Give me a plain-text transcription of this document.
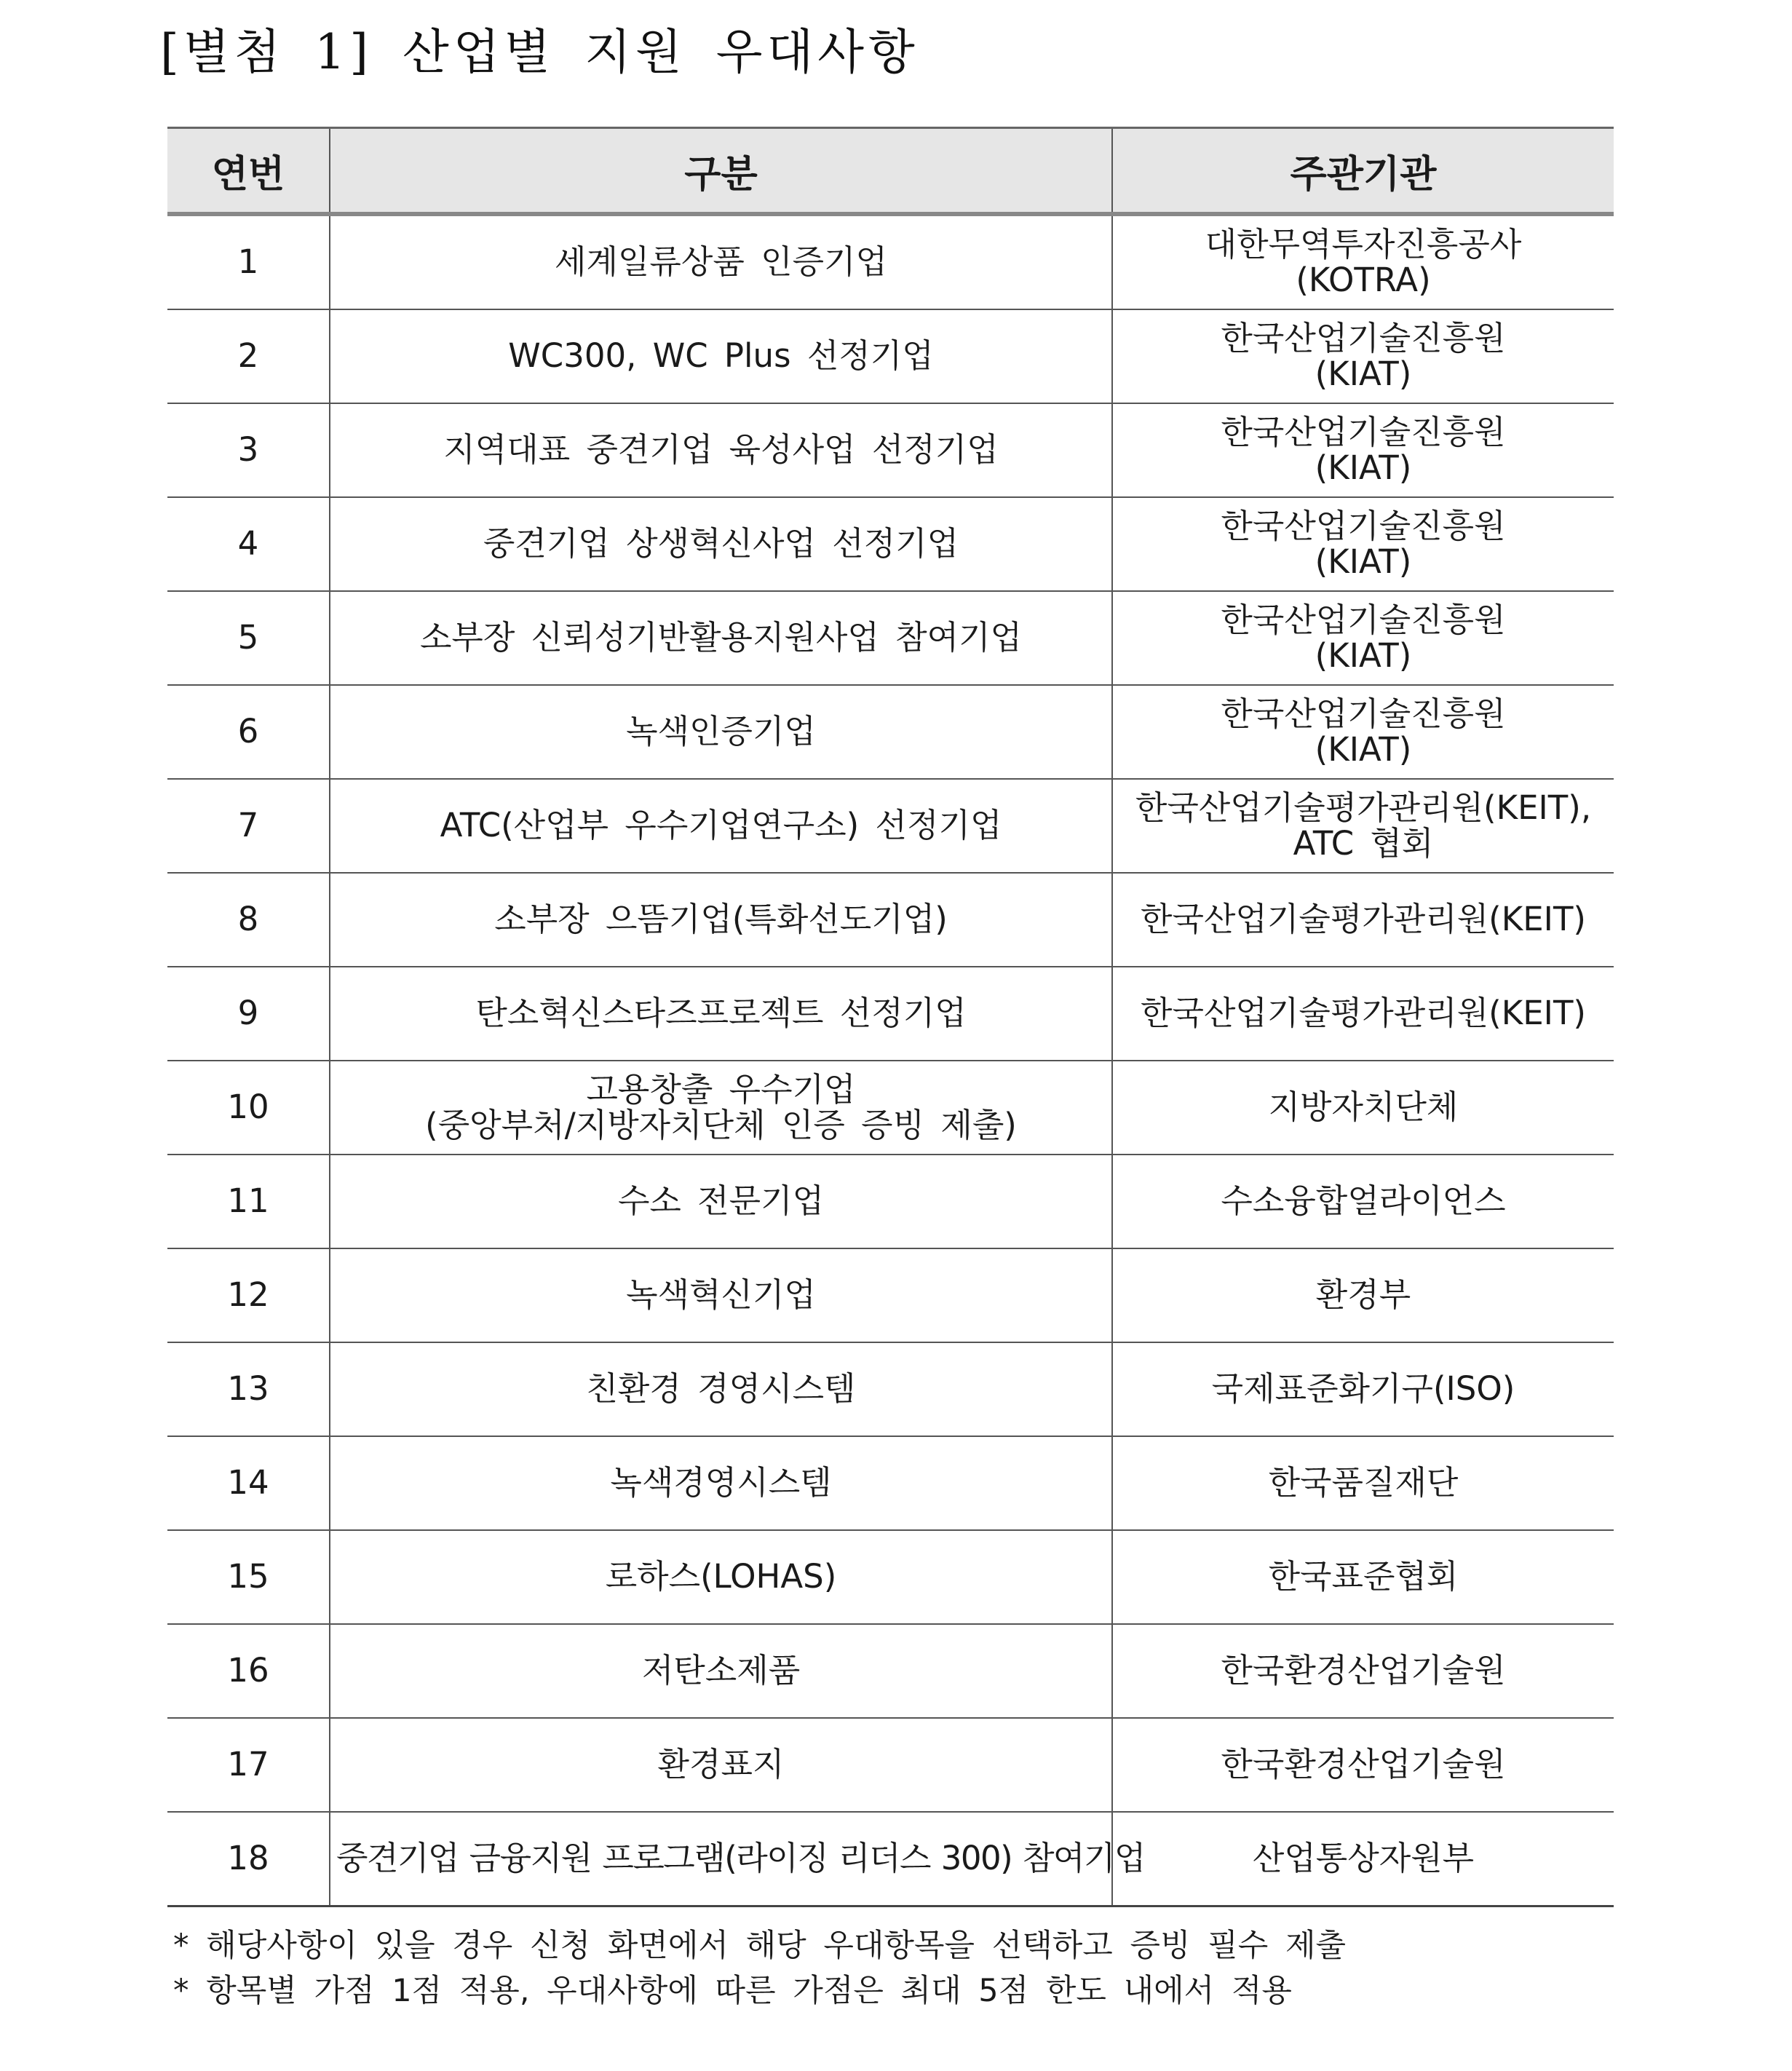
[별첨 1] 산업별 지원 우대사항
연번	구분	주관기관
1	세계일류상품 인증기업	대한무역투자진흥공사
(KOTRA)

2	WC300, WC Plus 선정기업	한국산업기술진흥원
(KIAT)

3	지역대표 중견기업 육성사업 선정기업	한국산업기술진흥원
(KIAT)

4	중견기업 상생혁신사업 선정기업	한국산업기술진흥원
(KIAT)

5	소부장 신뢰성기반활용지원사업 참여기업	한국산업기술진흥원
(KIAT)

6	녹색인증기업	한국산업기술진흥원
(KIAT)

7	ATC(산업부 우수기업연구소) 선정기업	한국산업기술평가관리원(KEIT),
ATC 협회

8	소부장 으뜸기업(특화선도기업)	한국산업기술평가관리원(KEIT)

9	탄소혁신스타즈프로젝트 선정기업	한국산업기술평가관리원(KEIT)

10	고용창출 우수기업
(중앙부처/지방자치단체 인증 증빙 제출)	지방자치단체

11	수소 전문기업	수소융합얼라이언스

12	녹색혁신기업	환경부

13	친환경 경영시스템	국제표준화기구(ISO)

14	녹색경영시스템	한국품질재단

15	로하스(LOHAS)	한국표준협회

16	저탄소제품	한국환경산업기술원

17	환경표지	한국환경산업기술원

18	중견기업 금융지원 프로그램(라이징 리더스 300) 참여기업	산업통상자원부
* 해당사항이 있을 경우 신청 화면에서 해당 우대항목을 선택하고 증빙 필수 제출
* 항목별 가점 1점 적용, 우대사항에 따른 가점은 최대 5점 한도 내에서 적용
